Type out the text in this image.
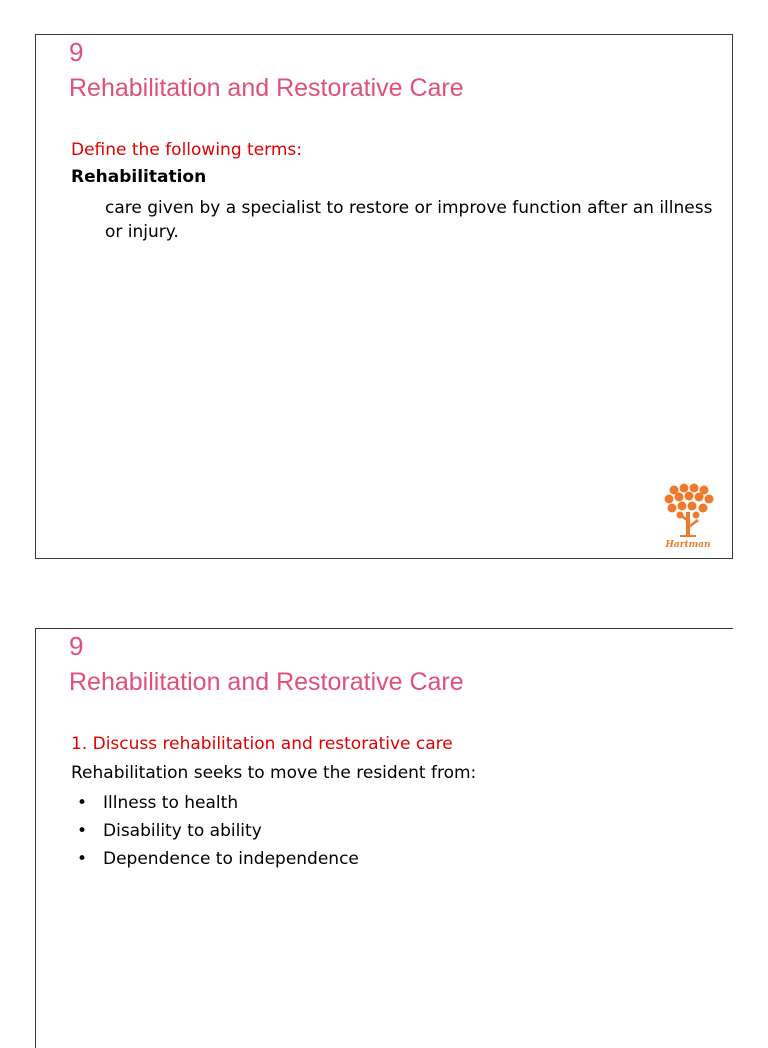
9
Rehabilitation and Restorative Care
Define the following terms:
Rehabilitation
care given by a specialist to restore or improve function after an illness or injury.
Hartman
9
Rehabilitation and Restorative Care
1. Discuss rehabilitation and restorative care
Rehabilitation seeks to move the resident from:
• Illness to health
• Disability to ability
• Dependence to independence
